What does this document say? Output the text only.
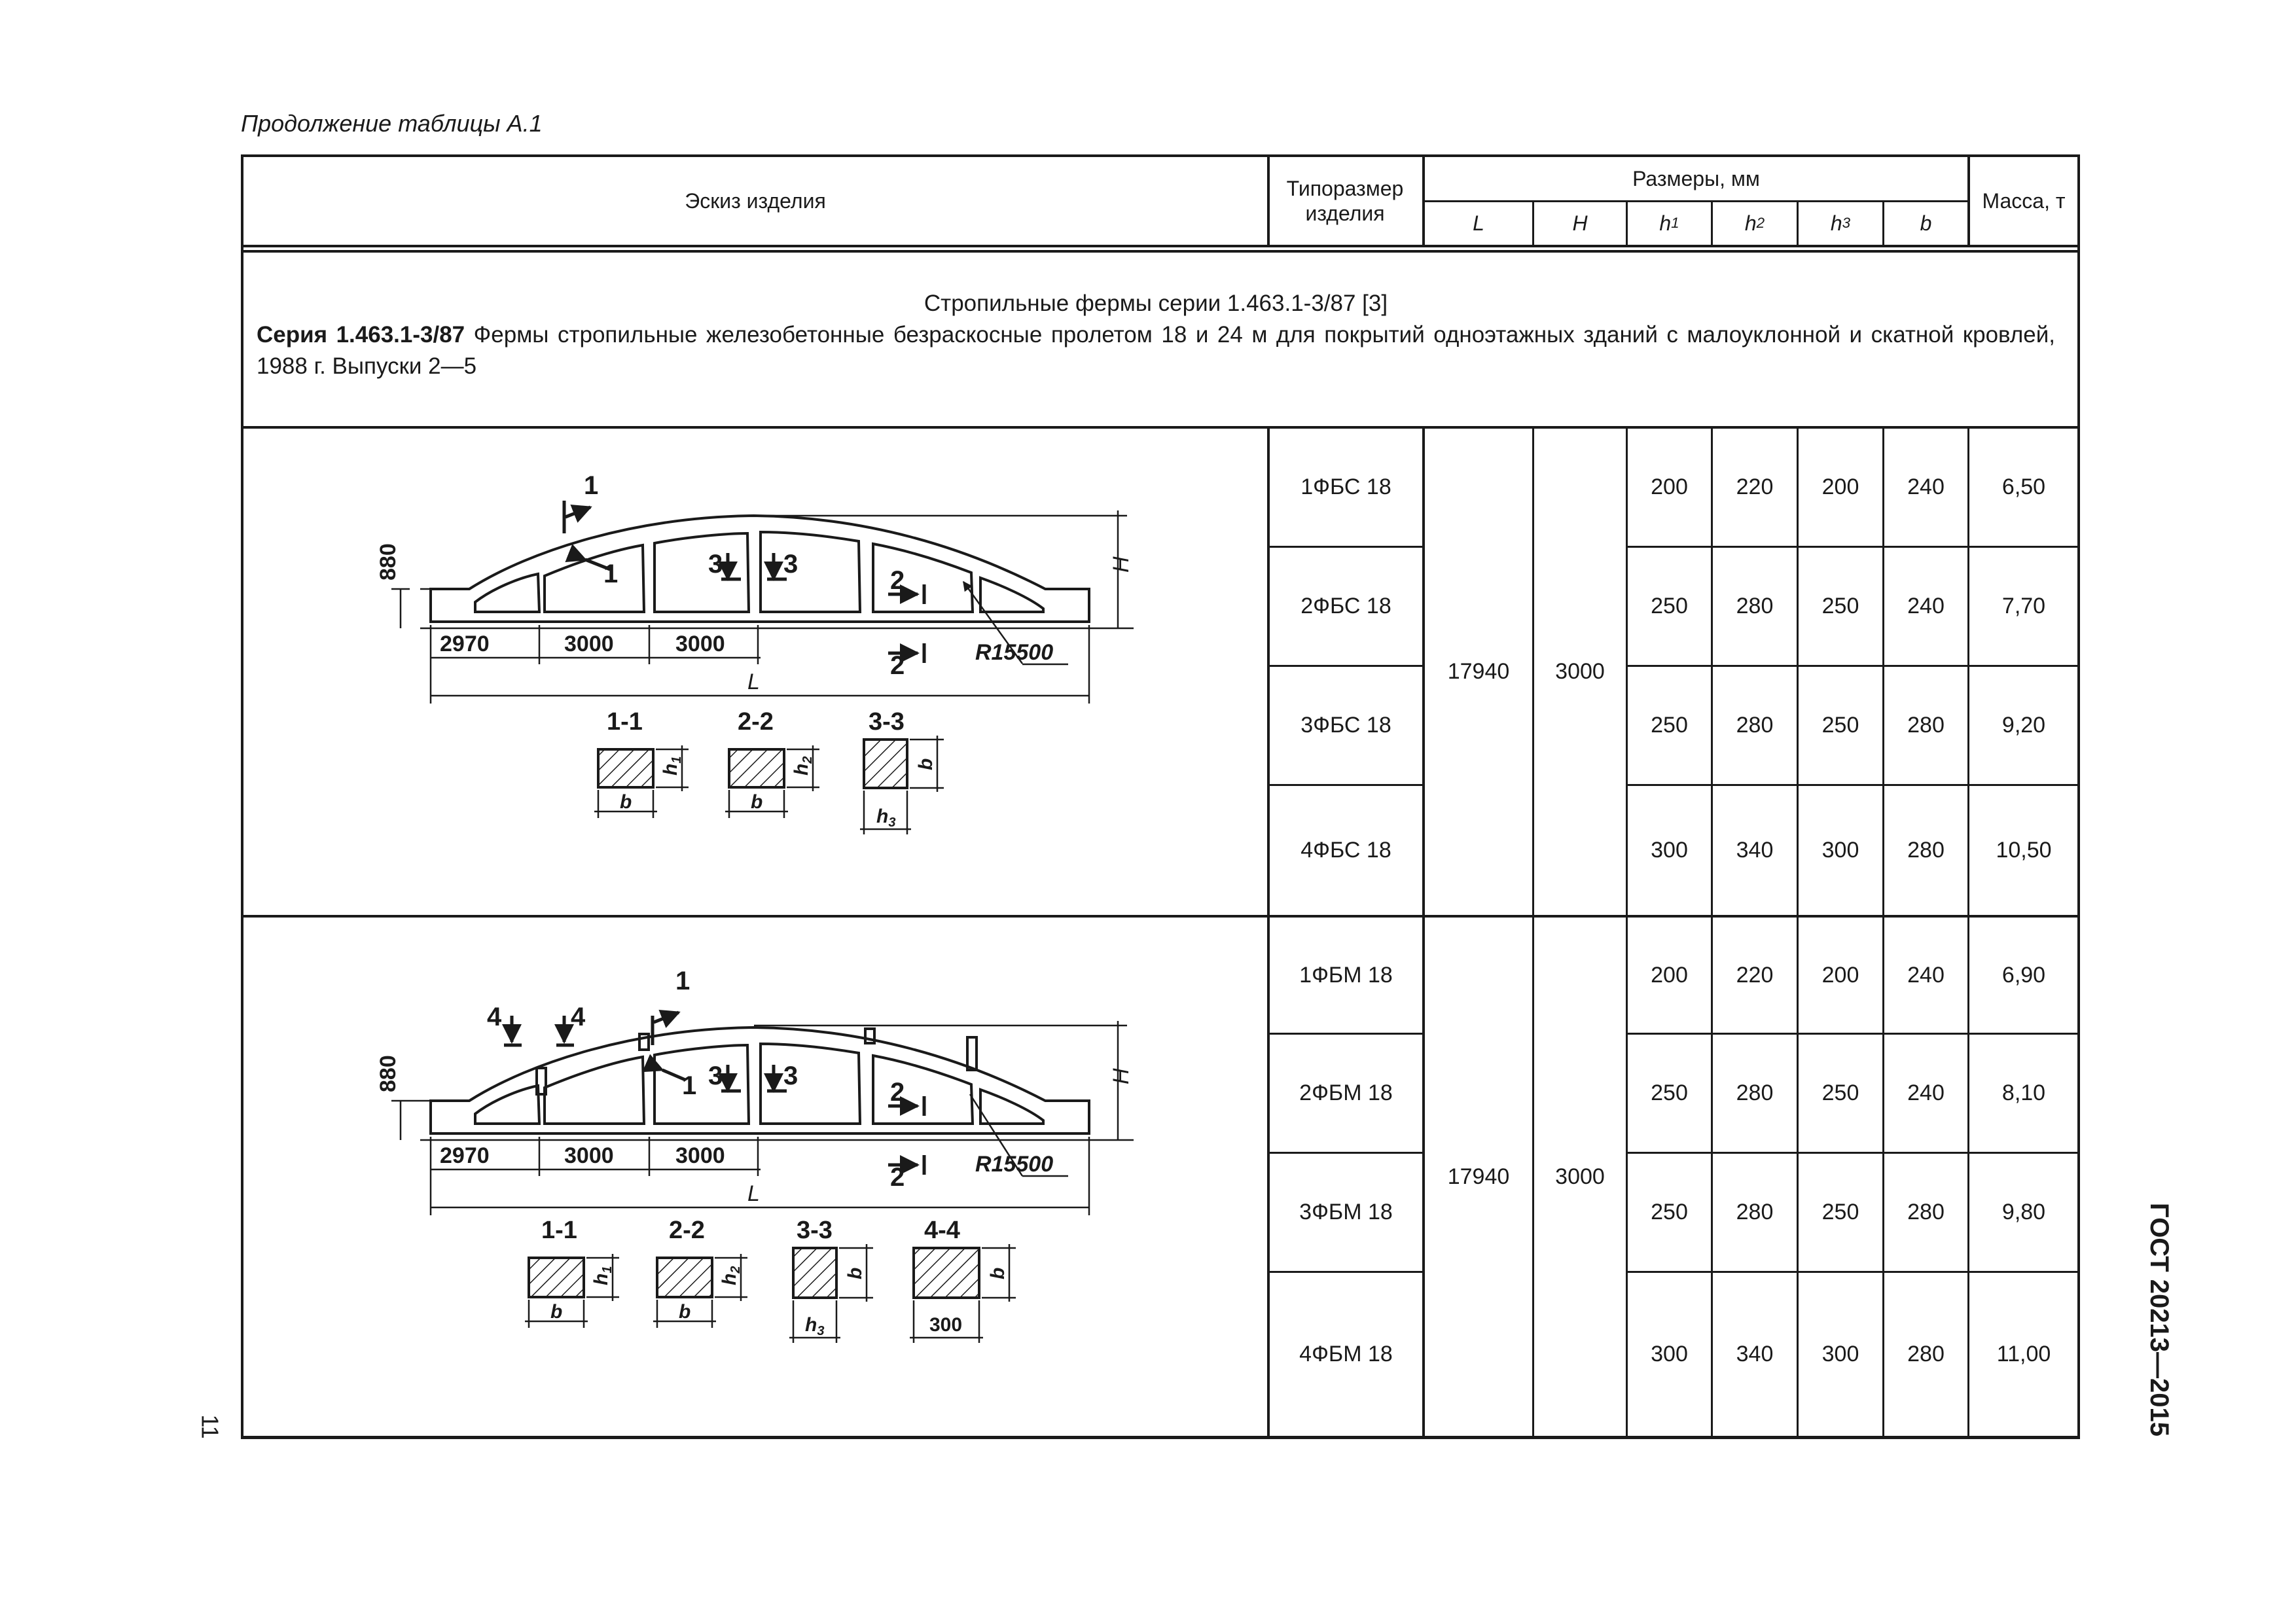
Продолжение таблицы А.1
Эскиз изделия
Типоразмер изделия
Размеры, мм
Масса, т
L	H	h 1	h 2	h 3	b
Стропильные фермы серии 1.463.1-3/87 [3]
Серия 1.463.1-3/87 Фермы стропильные железобетонные безраскосные пролетом 18 и 24 м для покрытий одноэтажных зданий с малоуклонной и скатной кровлей, 1988 г. Выпуски 2—5
17940	3000
1ФБС 18	200	220	200	240	6,50
2ФБС 18	250	280	250	240	7,70
3ФБС 18	250	280	250	280	9,20
4ФБС 18	300	340	300	280	10,50
17940	3000
1ФБМ 18	200	220	200	240	6,90
2ФБМ 18	250	280	250	240	8,10
3ФБМ 18	250	280	250	280	9,80
4ФБМ 18	300	340	300	280	11,00
2970	3000	3000	R15500
L
H
880
1
1	3 3
2
2
1-1	2-2	3-3
b	b
$h_1$
$h_2$
$h_3$
b
2970	3000	3000	R15500
L
H
880
1
1 3 3
2
2
4	4
1-1	2-2	3-3	4-4
b	b
$h_1$
$h_2$
$h_3$
b
300
b	ГОСТ 20213—2015
11
